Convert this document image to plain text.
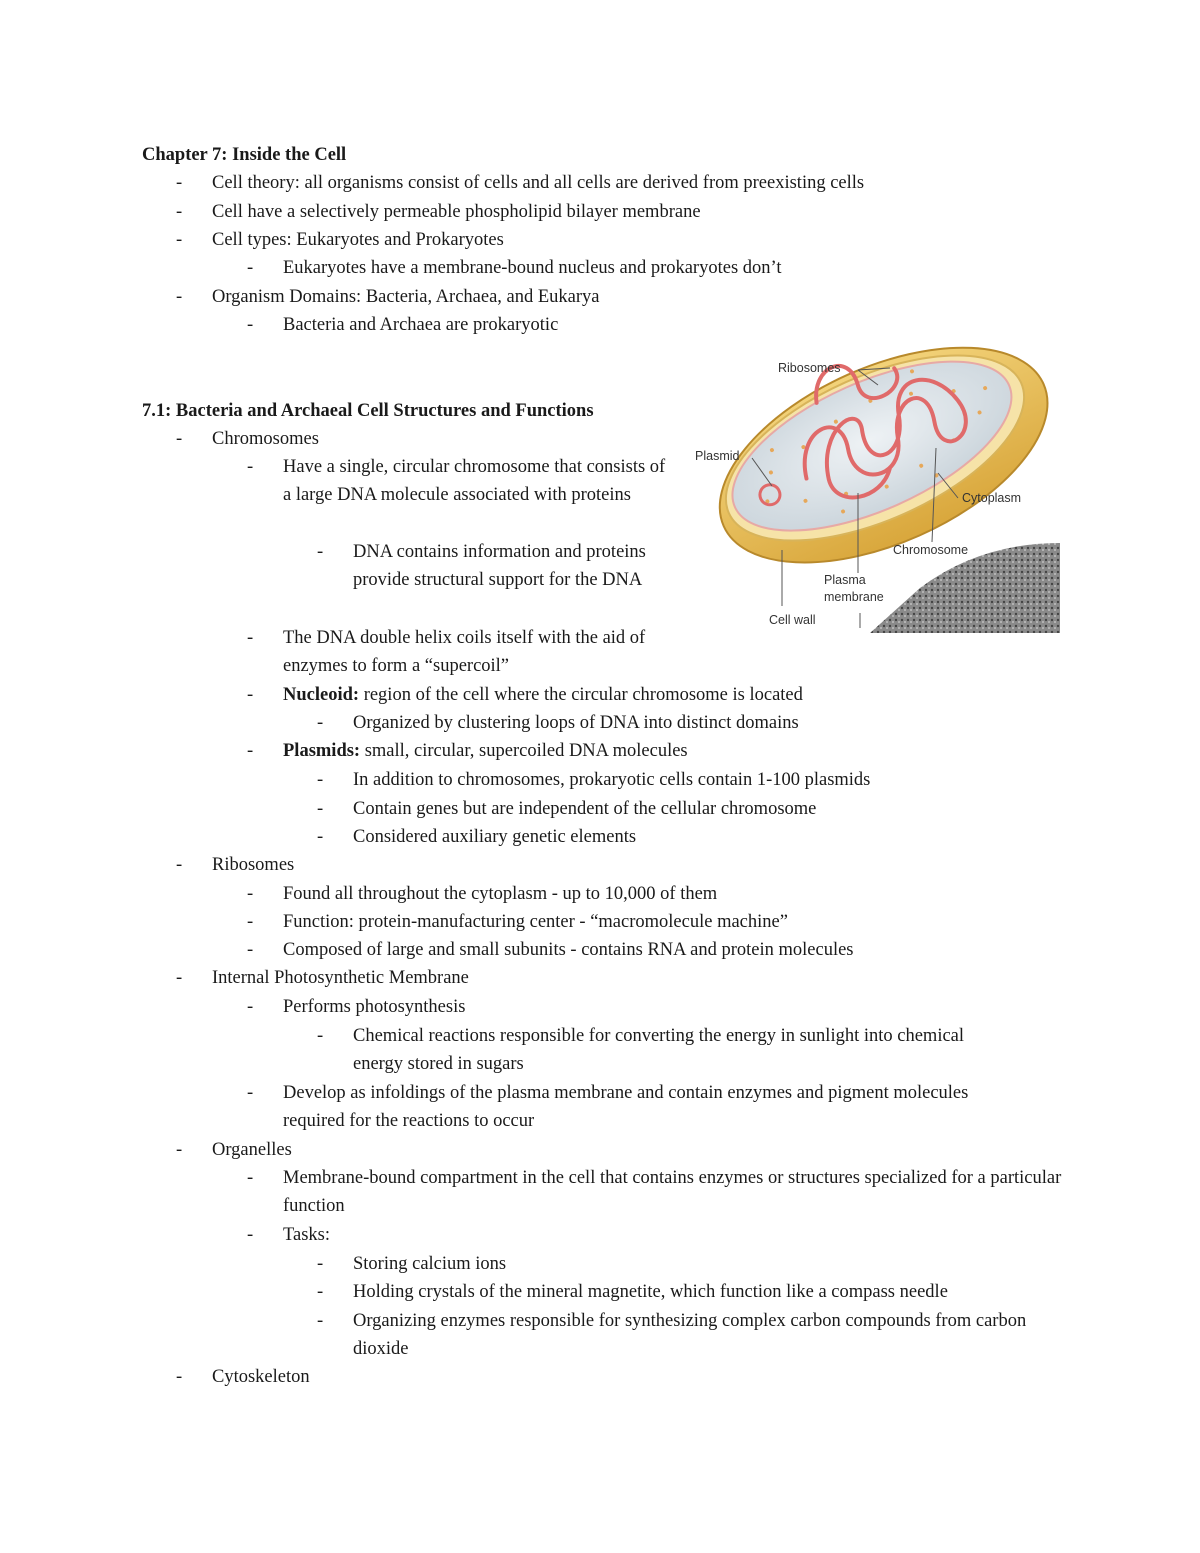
Chapter 7: Inside the Cell
-	Cell theory: all organisms consist of cells and all cells are derived from preexisting cells
-	Cell have a selectively permeable phospholipid bilayer membrane
-	Cell types: Eukaryotes and Prokaryotes
-	Eukaryotes have a membrane-bound nucleus and prokaryotes don’t
-	Organism Domains: Bacteria, Archaea, and Eukarya
-	Bacteria and Archaea are prokaryotic
7.1: Bacteria and Archaeal Cell Structures and Functions
-	Chromosomes
-	Have a single, circular chromosome that consists of a large DNA molecule associated with proteins
-	DNA contains information and proteins provide structural support for the DNA
-	The DNA double helix coils itself with the aid of enzymes to form a “supercoil”
-	Nucleoid: region of the cell where the circular chromosome is located
-	Organized by clustering loops of DNA into distinct domains
-	Plasmids: small, circular, supercoiled DNA molecules
-	In addition to chromosomes, prokaryotic cells contain 1-100 plasmids
-	Contain genes but are independent of the cellular chromosome
-	Considered auxiliary genetic elements
-	Ribosomes
-	Found all throughout the cytoplasm - up to 10,000 of them
-	Function: protein-manufacturing center - “macromolecule machine”
-	Composed of large and small subunits - contains RNA and protein molecules
-	Internal Photosynthetic Membrane
-	Performs photosynthesis
-	Chemical reactions responsible for converting the energy in sunlight into chemical energy stored in sugars
-	Develop as infoldings of the plasma membrane and contain enzymes and pigment molecules required for the reactions to occur
-	Organelles
-	Membrane-bound compartment in the cell that contains enzymes or structures specialized for a particular function
-	Tasks:
-	Storing calcium ions
-	Holding crystals of the mineral magnetite, which function like a compass needle
-	Organizing enzymes responsible for synthesizing complex carbon compounds from carbon dioxide
-	Cytoskeleton
Ribosomes
Plasmid
Cytoplasm
Chromosome
Plasma
membrane
Cell wall
